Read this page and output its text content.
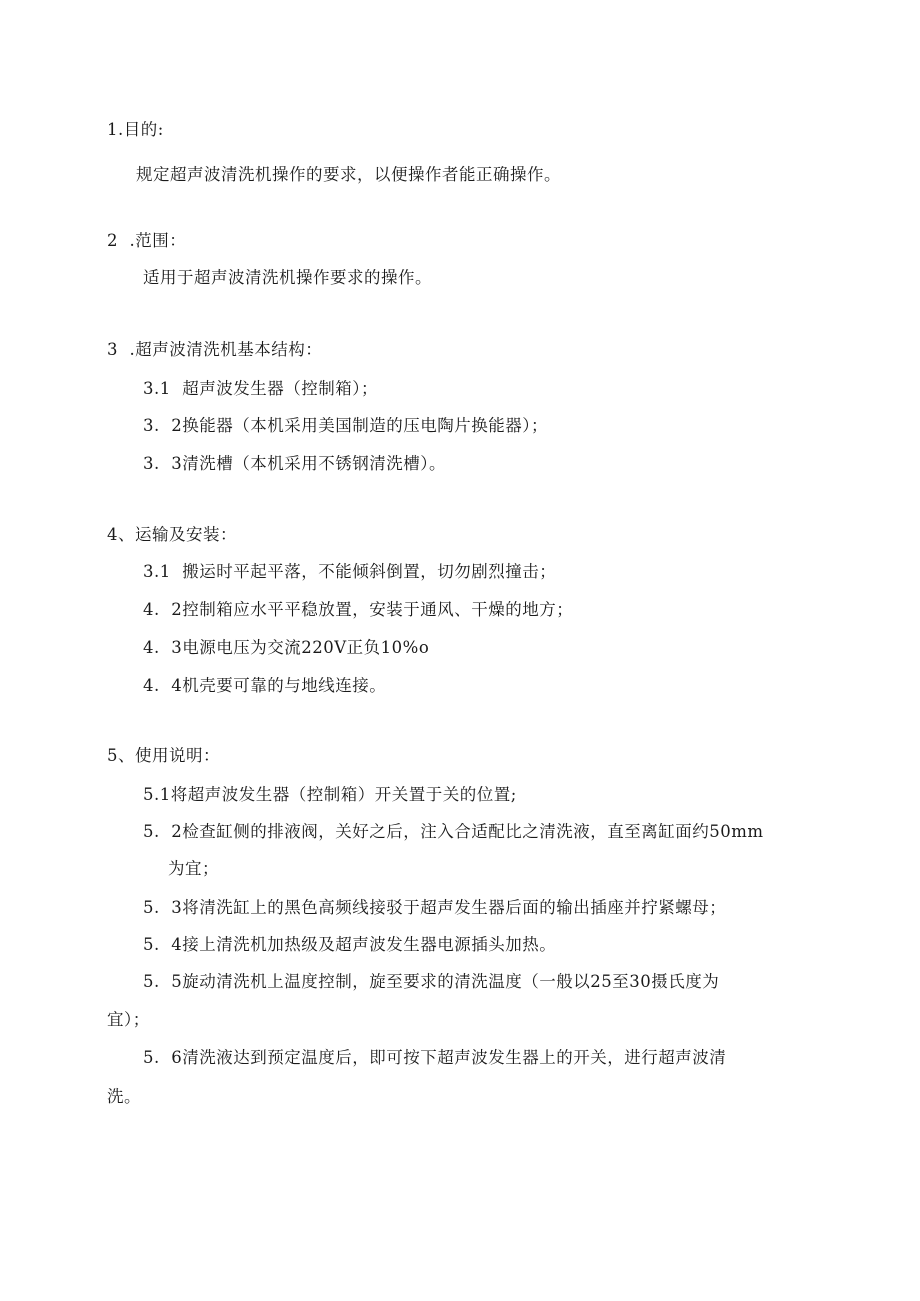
1.目的:
规定超声波清洗机操作的要求，以便操作者能正确操作。
2  .范围：
适用于超声波清洗机操作要求的操作。
3  .超声波清洗机基本结构：
3.1  超声波发生器（控制箱）；
3.  2换能器（本机采用美国制造的压电陶片换能器）；
3.  3清洗槽（本机采用不锈钢清洗槽）。
4、运输及安装：
3.1  搬运时平起平落，不能倾斜倒置，切勿剧烈撞击；
4.  2控制箱应水平平稳放置，安装于通风、干燥的地方；
4.  3电源电压为交流220V正负10%o
4.  4机壳要可靠的与地线连接。
5、使用说明：
5.1将超声波发生器（控制箱）开关置于关的位置;
5.  2检查缸侧的排液阀，关好之后，注入合适配比之清洗液，直至离缸面约50mm
为宜；
5.  3将清洗缸上的黑色高频线接驳于超声发生器后面的输出插座并拧紧螺母；
5.  4接上清洗机加热级及超声波发生器电源插头加热。
5.  5旋动清洗机上温度控制，旋至要求的清洗温度（一般以25至30摄氏度为
宜）；
5.  6清洗液达到预定温度后，即可按下超声波发生器上的开关，进行超声波清
洗。
